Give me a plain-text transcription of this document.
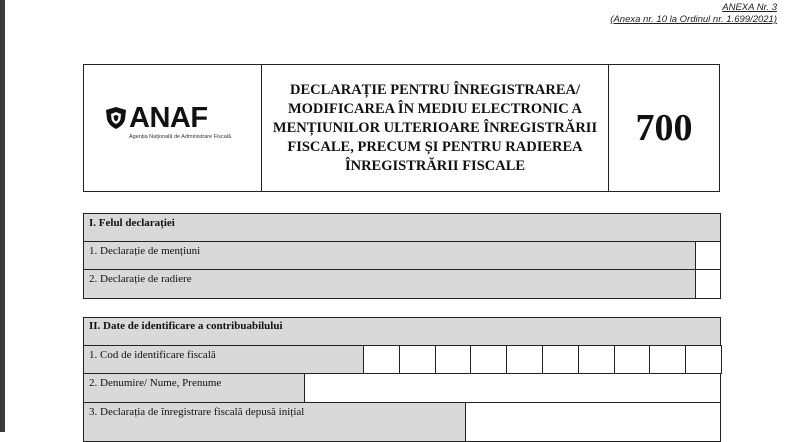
ANEXA Nr. 3
(Anexa nr. 10 la Ordinul nr. 1.699/2021)
ANAF
Agenția Națională de Administrare Fiscală
DECLARAȚIE PENTRU ÎNREGISTRAREA/
MODIFICAREA ÎN MEDIU ELECTRONIC A
MENȚIUNILOR ULTERIOARE ÎNREGISTRĂRII
FISCALE, PRECUM ȘI PENTRU RADIEREA
ÎNREGISTRĂRII FISCALE
700
I. Felul declarației
1. Declarație de mențiuni
2. Declarație de radiere
II. Date de identificare a contribuabilului
1. Cod de identificare fiscală
2. Denumire/ Nume, Prenume
3. Declarația de înregistrare fiscală depusă inițial
